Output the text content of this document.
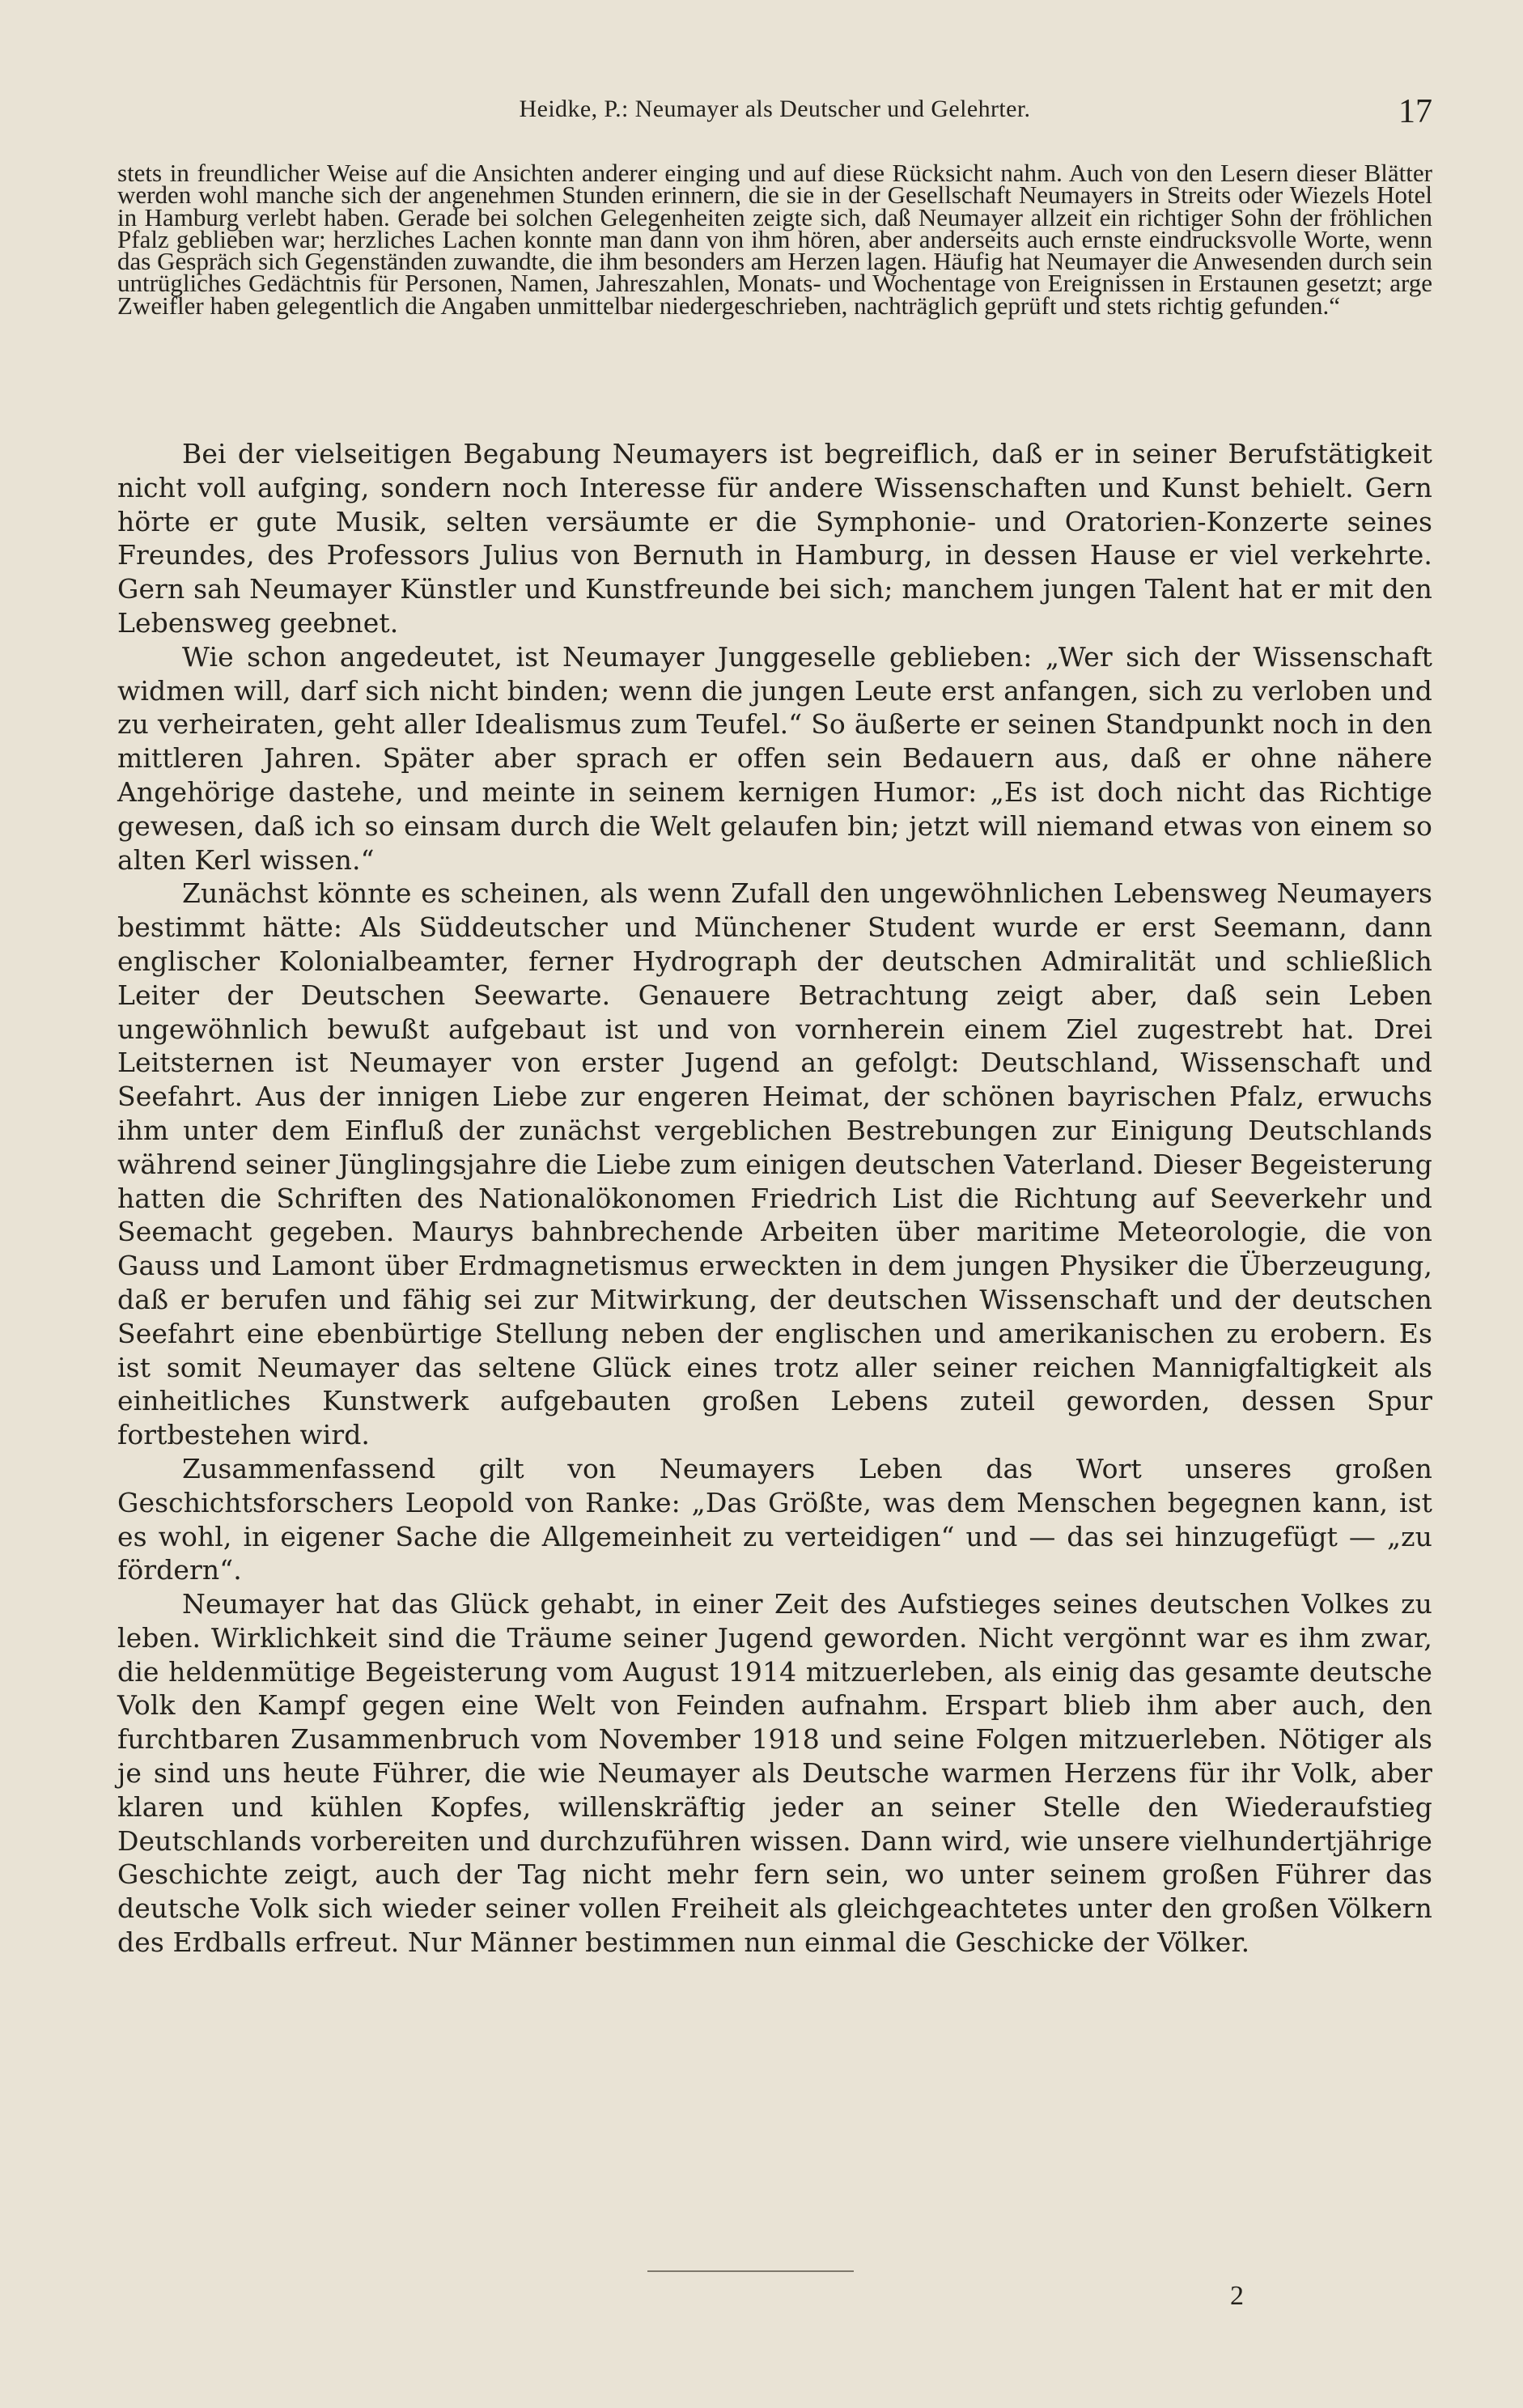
Heidke, P.: Neumayer als Deutscher und Gelehrter.	17

stets in freundlicher Weise auf die Ansichten anderer einging und auf diese Rücksicht nahm. Auch von den Lesern dieser Blätter werden wohl manche sich der angenehmen Stunden erinnern, die sie in der Gesellschaft Neumayers in Streits oder Wiezels Hotel in Hamburg verlebt haben. Gerade bei solchen Gelegenheiten zeigte sich, daß Neumayer allzeit ein richtiger Sohn der fröhlichen Pfalz geblieben war; herzliches Lachen konnte man dann von ihm hören, aber anderseits auch ernste eindrucksvolle Worte, wenn das Gespräch sich Gegenständen zuwandte, die ihm besonders am Herzen lagen. Häufig hat Neumayer die Anwesenden durch sein untrügliches Gedächtnis für Personen, Namen, Jahreszahlen, Monats- und Wochentage von Ereignissen in Erstaunen gesetzt; arge Zweifler haben gelegentlich die Angaben unmittelbar niedergeschrieben, nachträglich geprüft und stets richtig gefunden.“

Bei der vielseitigen Begabung Neumayers ist begreiflich, daß er in seiner Berufstätigkeit nicht voll aufging, sondern noch Interesse für andere Wissenschaften und Kunst behielt. Gern hörte er gute Musik, selten versäumte er die Symphonie- und Oratorien-Konzerte seines Freundes, des Professors Julius von Bernuth in Hamburg, in dessen Hause er viel verkehrte. Gern sah Neumayer Künstler und Kunstfreunde bei sich; manchem jungen Talent hat er mit den Lebensweg geebnet.

Wie schon angedeutet, ist Neumayer Junggeselle geblieben: „Wer sich der Wissenschaft widmen will, darf sich nicht binden; wenn die jungen Leute erst anfangen, sich zu verloben und zu verheiraten, geht aller Idealismus zum Teufel.“ So äußerte er seinen Standpunkt noch in den mittleren Jahren. Später aber sprach er offen sein Bedauern aus, daß er ohne nähere Angehörige dastehe, und meinte in seinem kernigen Humor: „Es ist doch nicht das Richtige gewesen, daß ich so einsam durch die Welt gelaufen bin; jetzt will niemand etwas von einem so alten Kerl wissen.“

Zunächst könnte es scheinen, als wenn Zufall den ungewöhnlichen Lebensweg Neumayers bestimmt hätte: Als Süddeutscher und Münchener Student wurde er erst Seemann, dann englischer Kolonialbeamter, ferner Hydrograph der deutschen Admiralität und schließlich Leiter der Deutschen Seewarte. Genauere Betrachtung zeigt aber, daß sein Leben ungewöhnlich bewußt aufgebaut ist und von vornherein einem Ziel zugestrebt hat. Drei Leitsternen ist Neumayer von erster Jugend an gefolgt: Deutschland, Wissenschaft und Seefahrt. Aus der innigen Liebe zur engeren Heimat, der schönen bayrischen Pfalz, erwuchs ihm unter dem Einfluß der zunächst vergeblichen Bestrebungen zur Einigung Deutschlands während seiner Jünglingsjahre die Liebe zum einigen deutschen Vaterland. Dieser Begeisterung hatten die Schriften des Nationalökonomen Friedrich List die Richtung auf Seeverkehr und Seemacht gegeben. Maurys bahnbrechende Arbeiten über maritime Meteorologie, die von Gauss und Lamont über Erdmagnetismus erweckten in dem jungen Physiker die Überzeugung, daß er berufen und fähig sei zur Mitwirkung, der deutschen Wissenschaft und der deutschen Seefahrt eine ebenbürtige Stellung neben der englischen und amerikanischen zu erobern. Es ist somit Neumayer das seltene Glück eines trotz aller seiner reichen Mannigfaltigkeit als einheitliches Kunstwerk aufgebauten großen Lebens zuteil geworden, dessen Spur fortbestehen wird.

Zusammenfassend gilt von Neumayers Leben das Wort unseres großen Geschichtsforschers Leopold von Ranke: „Das Größte, was dem Menschen begegnen kann, ist es wohl, in eigener Sache die Allgemeinheit zu verteidigen“ und — das sei hinzugefügt — „zu fördern“.

Neumayer hat das Glück gehabt, in einer Zeit des Aufstieges seines deutschen Volkes zu leben. Wirklichkeit sind die Träume seiner Jugend geworden. Nicht vergönnt war es ihm zwar, die heldenmütige Begeisterung vom August 1914 mitzuerleben, als einig das gesamte deutsche Volk den Kampf gegen eine Welt von Feinden aufnahm. Erspart blieb ihm aber auch, den furchtbaren Zusammenbruch vom November 1918 und seine Folgen mitzuerleben. Nötiger als je sind uns heute Führer, die wie Neumayer als Deutsche warmen Herzens für ihr Volk, aber klaren und kühlen Kopfes, willenskräftig jeder an seiner Stelle den Wiederaufstieg Deutschlands vorbereiten und durchzuführen wissen. Dann wird, wie unsere vielhundertjährige Geschichte zeigt, auch der Tag nicht mehr fern sein, wo unter seinem großen Führer das deutsche Volk sich wieder seiner vollen Freiheit als gleichgeachtetes unter den großen Völkern des Erdballs erfreut. Nur Männer bestimmen nun einmal die Geschicke der Völker.

2
